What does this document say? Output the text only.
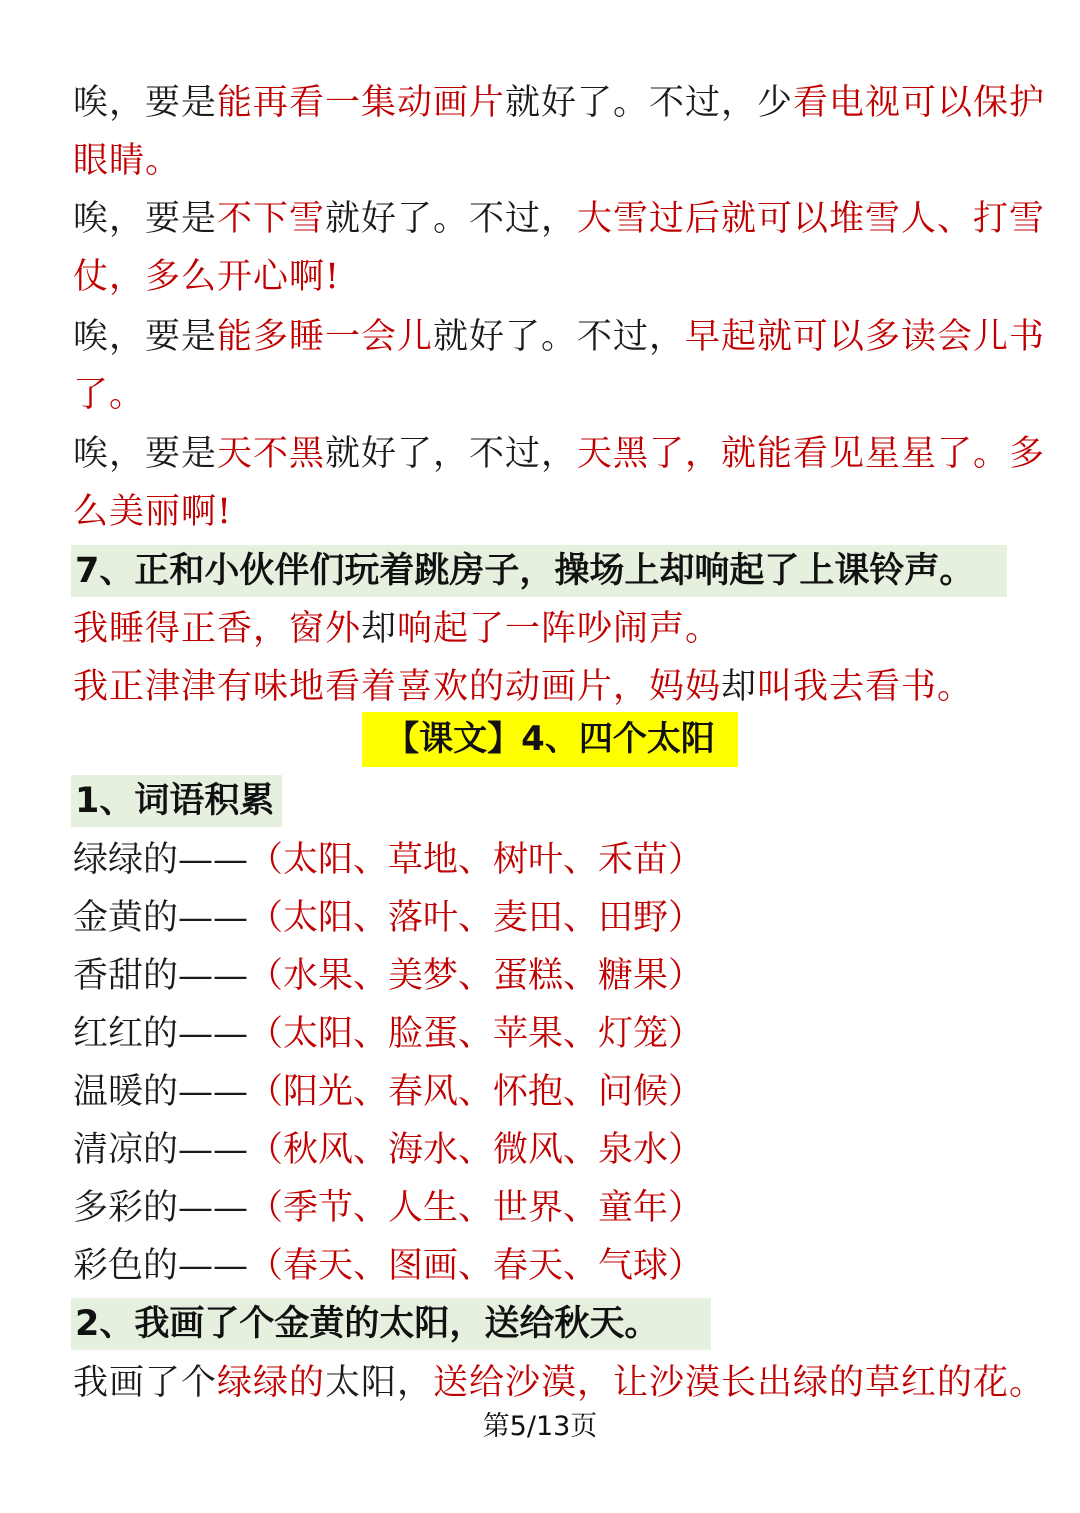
唉，要是能再看一集动画片就好了。不过，少看电视可以保护
眼睛。
唉，要是不下雪就好了。不过，大雪过后就可以堆雪人、打雪
仗，多么开心啊!
唉，要是能多睡一会儿就好了。不过，早起就可以多读会儿书
了。
唉，要是天不黑就好了，不过，天黑了，就能看见星星了。多
么美丽啊!
7、正和小伙伴们玩着跳房子，操场上却响起了上课铃声。
我睡得正香，窗外却响起了一阵吵闹声。
我正津津有味地看着喜欢的动画片，妈妈却叫我去看书。
【课文】4、四个太阳
1、词语积累
绿绿的——（太阳、草地、树叶、禾苗）
金黄的——（太阳、落叶、麦田、田野）
香甜的——（水果、美梦、蛋糕、糖果）
红红的——（太阳、脸蛋、苹果、灯笼）
温暖的——（阳光、春风、怀抱、问候）
清凉的——（秋风、海水、微风、泉水）
多彩的——（季节、人生、世界、童年）
彩色的——（春天、图画、春天、气球）
2、我画了个金黄的太阳，送给秋天。
我画了个绿绿的太阳，送给沙漠，让沙漠长出绿的草红的花。
第5/13页
